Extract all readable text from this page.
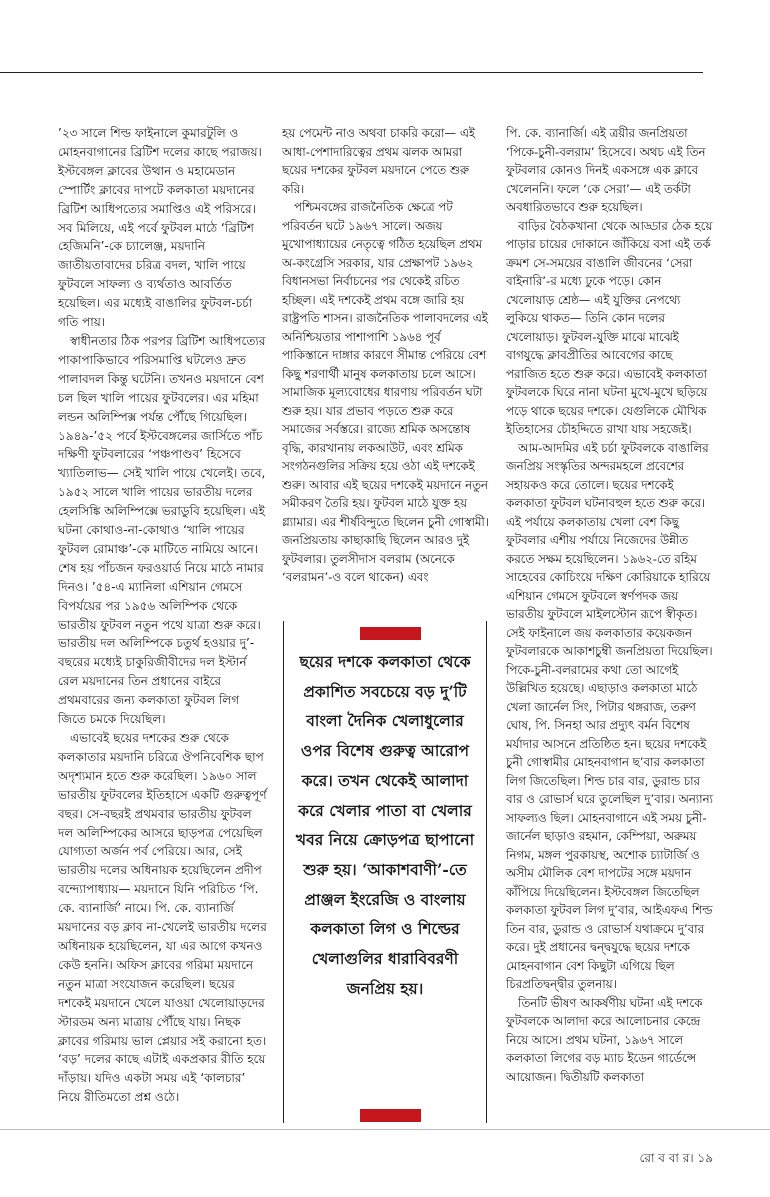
’২৩ সালে শিল্ড ফাইনালে কুমারটুলি ও মোহনবাগানের ব্রিটিশ দলের কাছে পরাজয়। ইস্টবেঙ্গল ক্লাবের উত্থান ও মহামেডান স্পোর্টিং ক্লাবের দাপটে কলকাতা ময়দানের ব্রিটিশ আধিপত্যের সমাপ্তিও এই পরিসরে। সব মিলিয়ে, এই পর্বে ফুটবল মাঠে ‘ব্রিটিশ হেজিমনি’-কে চ্যালেঞ্জ, ময়দানি জাতীয়তাবাদের চরিত্র বদল, খালি পায়ে ফুটবলে সাফল্য ও ব্যর্থতাও আবর্তিত হয়েছিল। এর মধ্যেই বাঙালির ফুটবল-চর্চা গতি পায়।

স্বাধীনতার ঠিক পরপর ব্রিটিশ আধিপত্যের পাকাপাকিভাবে পরিসমাপ্তি ঘটলেও দ্রুত পালাবদল কিন্তু ঘটেনি। তখনও ময়দানে বেশ চল ছিল খালি পায়ের ফুটবলের। এর মহিমা লন্ডন অলিম্পিক্স পর্যন্ত পৌঁছে গিয়েছিল। ১৯৪৯-’৫২ পর্বে ইস্টবেঙ্গলের জার্সিতে পাঁচ দক্ষিণী ফুটবলারের ‘পঞ্চপাণ্ডব’ হিসেবে খ্যাতিলাভ— সেই খালি পায়ে খেলেই। তবে, ১৯৫২ সালে খালি পায়ের ভারতীয় দলের হেলসিঙ্কি অলিম্পিক্সে ভরাডুবি হয়েছিল। এই ঘটনা কোথাও-না-কোথাও ‘খালি পায়ের ফুটবল রোমাঞ্চ’-কে মাটিতে নামিয়ে আনে। শেষ হয় পাঁচজন ফরওয়ার্ড নিয়ে মাঠে নামার দিনও। ’৫৪-এ ম্যানিলা এশিয়ান গেমসে বিপর্যয়ের পর ১৯৫৬ অলিম্পিক থেকে ভারতীয় ফুটবল নতুন পথে যাত্রা শুরু করে। ভারতীয় দল অলিম্পিকে চতুর্থ হওয়ার দু’-বছরের মধ্যেই চাকুরিজীবীদের দল ইস্টার্ন রেল ময়দানের তিন প্রধানের বাইরে প্রথমবারের জন্য কলকাতা ফুটবল লিগ জিতে চমকে দিয়েছিল।

এভাবেই ছয়ের দশকের শুরু থেকে কলকাতার ময়দানি চরিত্রে ঔপনিবেশিক ছাপ অদৃশ্যমান হতে শুরু করেছিল। ১৯৬০ সাল ভারতীয় ফুটবলের ইতিহাসে একটি গুরুত্বপূর্ণ বছর। সে-বছরই প্রথমবার ভারতীয় ফুটবল দল অলিম্পিকের আসরে ছাড়পত্র পেয়েছিল যোগ্যতা অর্জন পর্ব পেরিয়ে। আর, সেই ভারতীয় দলের অধিনায়ক হয়েছিলেন প্রদীপ বন্দ্যোপাধ্যায়— ময়দানে যিনি পরিচিত ‘পি. কে. ব্যানার্জি’ নামে। পি. কে. ব্যানার্জি ময়দানের বড় ক্লাব না-খেলেই ভারতীয় দলের অধিনায়ক হয়েছিলেন, যা এর আগে কখনও কেউ হননি। অফিস ক্লাবের গরিমা ময়দানে নতুন মাত্রা সংযোজন করেছিল। ছয়ের দশকেই ময়দানে খেলে যাওয়া খেলোয়াড়দের স্টারডম অন্য মাত্রায় পৌঁছে যায়। নিছক ক্লাবের গরিমায় ভাল প্লেয়ার সই করানো হত। ‘বড়’ দলের কাছে এটাই একপ্রকার রীতি হয়ে দাঁড়ায়। যদিও একটা সময় এই ‘কালচার’ নিয়ে রীতিমতো প্রশ্ন ওঠে।

হয় পেমেন্ট নাও অথবা চাকরি করো— এই আধা-পেশাদারিত্বের প্রথম ঝলক আমরা ছয়ের দশকের ফুটবল ময়দানে পেতে শুরু করি।

পশ্চিমবঙ্গের রাজনৈতিক ক্ষেত্রে পট পরিবর্তন ঘটে ১৯৬৭ সালে। অজয় মুখোপাধ্যায়ের নেতৃত্বে গঠিত হয়েছিল প্রথম অ-কংগ্রেসি সরকার, যার প্রেক্ষাপট ১৯৬২ বিধানসভা নির্বাচনের পর থেকেই রচিত হচ্ছিল। এই দশকেই প্রথম বঙ্গে জারি হয় রাষ্ট্রপতি শাসন। রাজনৈতিক পালাবদলের এই অনিশ্চিয়তার পাশাপাশি ১৯৬৪ পূর্ব পাকিস্তানে দাঙ্গার কারণে সীমান্ত পেরিয়ে বেশ কিছু শরণার্থী মানুষ কলকাতায় চলে আসে। সামাজিক মূল্যবোধের ধারণায় পরিবর্তন ঘটা শুরু হয়। যার প্রভাব পড়তে শুরু করে সমাজের সর্বস্তরে। রাজ্যে শ্রমিক অসন্তোষ বৃদ্ধি, কারখানায় লকআউট, এবং শ্রমিক সংগঠনগুলির সক্রিয় হয়ে ওঠা এই দশকেই শুরু। আবার এই ছয়ের দশকেই ময়দানে নতুন সমীকরণ তৈরি হয়। ফুটবল মাঠে যুক্ত হয় গ্ল্যামার। এর শীর্ষবিন্দুতে ছিলেন চুনী গোস্বামী। জনপ্রিয়তায় কাছাকাছি ছিলেন আরও দুই ফুটবলার। তুলসীদাস বলরাম (অনেকে ‘বলরামন’-ও বলে থাকেন) এবং

ছয়ের দশকে কলকাতা থেকে প্রকাশিত সবচেয়ে বড় দু’টি বাংলা দৈনিক খেলাধুলোর ওপর বিশেষ গুরুত্ব আরোপ করে। তখন থেকেই আলাদা করে খেলার পাতা বা খেলার খবর নিয়ে ক্রোড়পত্র ছাপানো শুরু হয়। ‘আকাশবাণী’-তে প্রাঞ্জল ইংরেজি ও বাংলায় কলকাতা লিগ ও শিল্ডের খেলাগুলির ধারাবিবরণী জনপ্রিয় হয়।

পি. কে. ব্যানার্জি। এই ত্রয়ীর জনপ্রিয়তা ‘পিকে-চুনী-বলরাম’ হিসেবে। অথচ এই তিন ফুটবলার কোনও দিনই একসঙ্গে এক ক্লাবে খেলেননি। ফলে ‘কে সেরা’— এই তর্কটা অবধারিতভাবে শুরু হয়েছিল।

বাড়ির বৈঠকখানা থেকে আড্ডার ঠেক হয়ে পাড়ার চায়ের দোকানে জাঁকিয়ে বসা এই তর্ক ক্রমশ সে-সময়ের বাঙালি জীবনের ‘সেরা বাইনারি’-র মধ্যে ঢুকে পড়ে। কোন খেলোয়াড় শ্রেষ্ঠ— এই যুক্তির নেপথ্যে লুকিয়ে থাকত— তিনি কোন দলের খেলোয়াড়। ফুটবল-যুক্তি মাঝে মাঝেই বাগযুদ্ধে ক্লাবপ্রীতির আবেগের কাছে পরাজিত হতে শুরু করে। এভাবেই কলকাতা ফুটবলকে ঘিরে নানা ঘটনা মুখে-মুখে ছড়িয়ে পড়ে থাকে ছয়ের দশকে। যেগুলিকে মৌখিক ইতিহাসের চৌহদ্দিতে রাখা যায় সহজেই।

আম-আদমির এই চর্চা ফুটবলকে বাঙালির জনপ্রিয় সংস্কৃতির অন্দরমহলে প্রবেশের সহায়কও করে তোলে। ছয়ের দশকেই কলকাতা ফুটবল ঘটনাবহুল হতে শুরু করে। এই পর্যায়ে কলকাতায় খেলা বেশ কিছু ফুটবলার এশীয় পর্যায়ে নিজেদের উন্নীত করতে সক্ষম হয়েছিলেন। ১৯৬২-তে রহিম সাহেবের কোচিংয়ে দক্ষিণ কোরিয়াকে হারিয়ে এশিয়ান গেমসে ফুটবলে স্বর্ণপদক জয় ভারতীয় ফুটবলে মাইলস্টোন রূপে স্বীকৃত। সেই ফাইনালে জয় কলকাতার কয়েকজন ফুটবলারকে আকাশচুম্বী জনপ্রিয়তা দিয়েছিল। পিকে-চুনী-বলরামের কথা তো আগেই উল্লিখিত হয়েছে। এছাড়াও কলকাতা মাঠে খেলা জার্নেল সিং, পিটার থঙ্গরাজ, তরুণ ঘোষ, পি. সিনহা আর প্রদ্যুৎ বর্মন বিশেষ মর্যাদার আসনে প্রতিষ্ঠিত হন। ছয়ের দশকেই চুনী গোস্বামীর মোহনবাগান ছ’বার কলকাতা লিগ জিতেছিল। শিল্ড চার বার, ডুরান্ড চার বার ও রোভার্স ঘরে তুলেছিল দু’বার। অন্যান্য সাফল্যও ছিল। মোহনবাগানে এই সময় চুনী-জার্নেল ছাড়াও রহমান, কেম্পিয়া, অরুময় নিগম, মঙ্গল পুরকায়স্থ, অশোক চ্যাটার্জি ও অসীম মৌলিক বেশ দাপটের সঙ্গে ময়দান কাঁপিয়ে দিয়েছিলেন। ইস্টবেঙ্গল জিতেছিল কলকাতা ফুটবল লিগ দু’বার, আইএফএ শিল্ড তিন বার, ডুরান্ড ও রোভার্স যথাক্রমে দু’বার করে। দুই প্রধানের দ্বন্দ্বযুদ্ধে ছয়ের দশকে মোহনবাগান বেশ কিছুটা এগিয়ে ছিল চিরপ্রতিদ্বন্দ্বীর তুলনায়।

তিনটি ভীষণ আকর্ষণীয় ঘটনা এই দশকে ফুটবলকে আলাদা করে আলোচনার কেন্দ্রে নিয়ে আসে। প্রথম ঘটনা, ১৯৬৭ সালে কলকাতা লিগের বড় ম্যাচ ইডেন গার্ডেন্সে আয়োজন। দ্বিতীয়টি কলকাতা

রো ব বা র। ১৯
